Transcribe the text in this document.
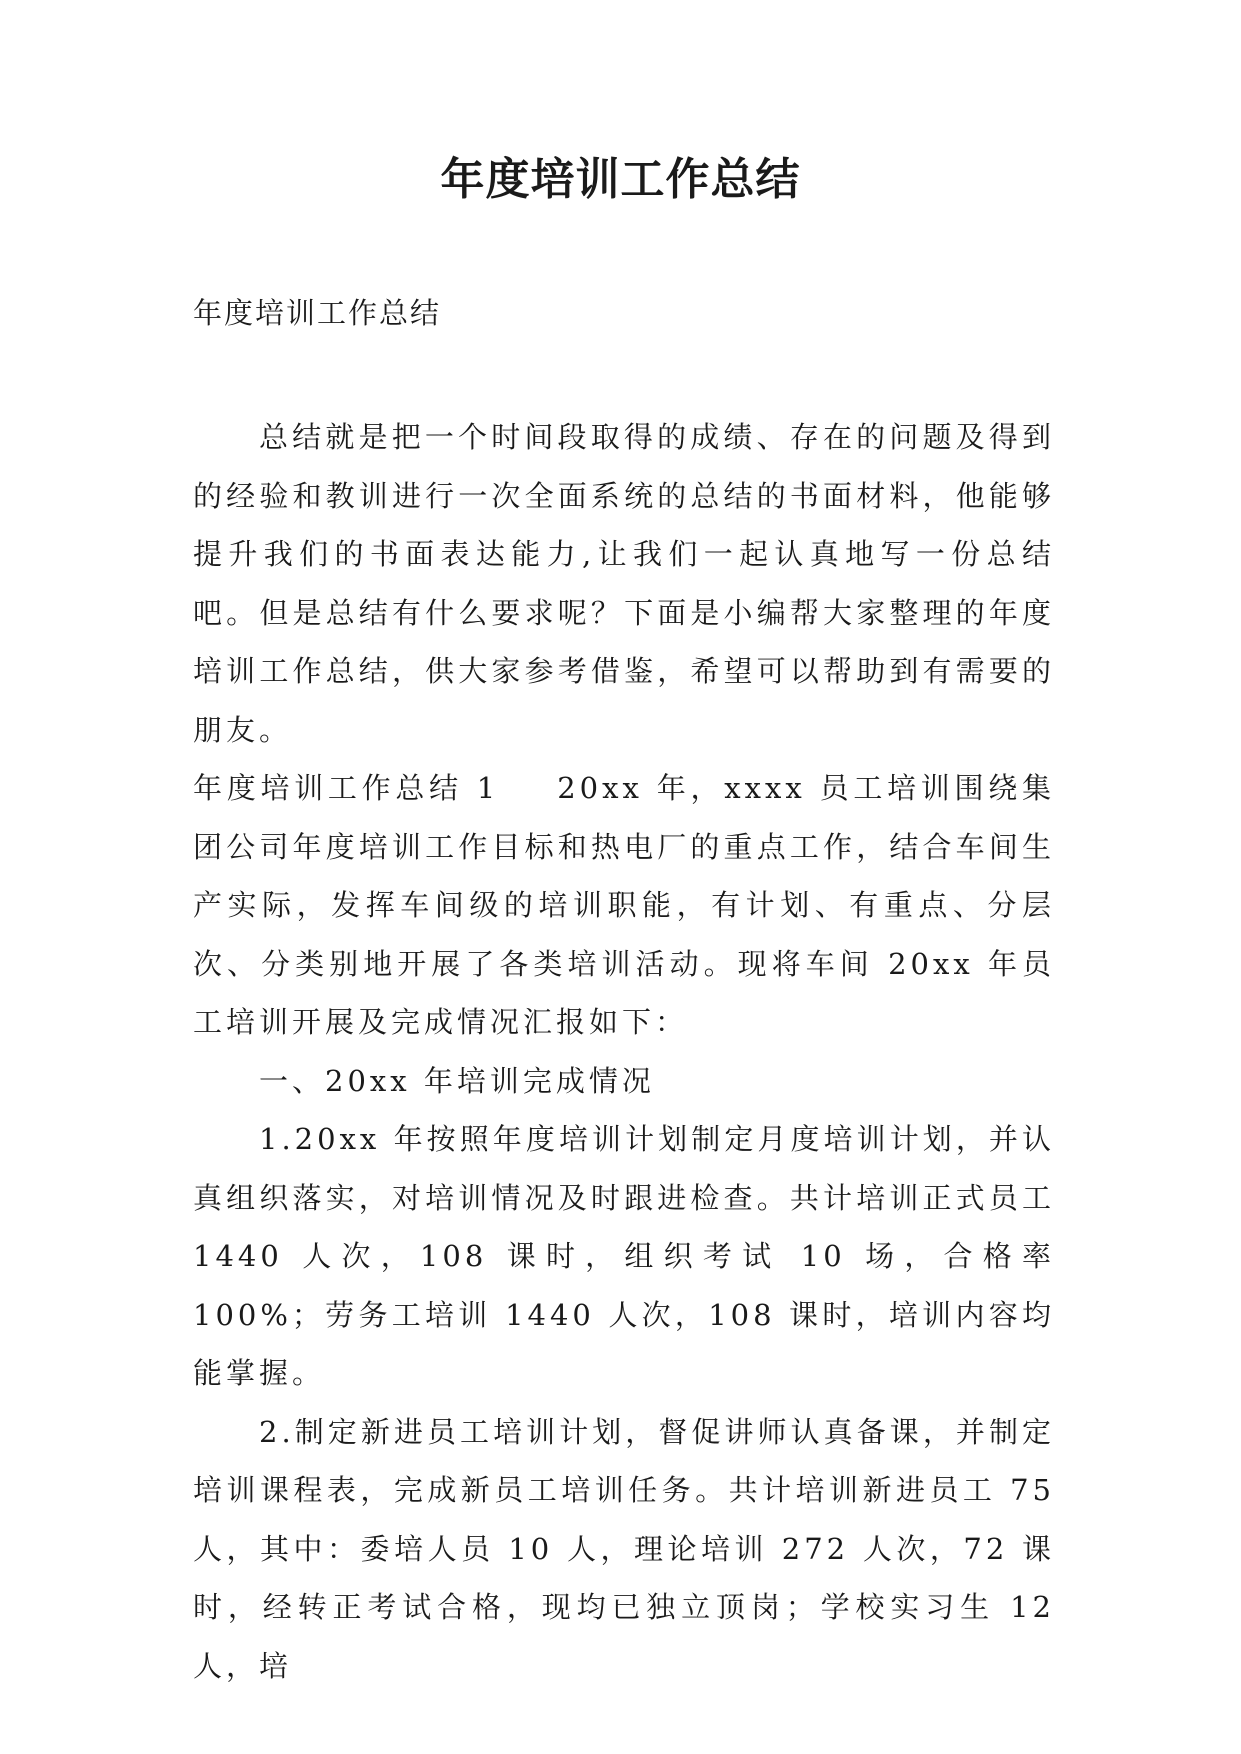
年度培训工作总结

年度培训工作总结

总结就是把一个时间段取得的成绩、存在的问题及得到的经验和教训进行一次全面系统的总结的书面材料，他能够提升我们的书面表达能力,让我们一起认真地写一份总结吧。但是总结有什么要求呢？下面是小编帮大家整理的年度培训工作总结，供大家参考借鉴，希望可以帮助到有需要的朋友。

年度培训工作总结 1 20xx 年，xxxx 员工培训围绕集团公司年度培训工作目标和热电厂的重点工作，结合车间生产实际，发挥车间级的培训职能，有计划、有重点、分层次、分类别地开展了各类培训活动。现将车间 20xx 年员工培训开展及完成情况汇报如下：

一、20xx 年培训完成情况

1.20xx 年按照年度培训计划制定月度培训计划，并认真组织落实，对培训情况及时跟进检查。共计培训正式员工 1440 人次，108 课时，组织考试 10 场，合格率 100%；劳务工培训 1440 人次，108 课时，培训内容均能掌握。

2.制定新进员工培训计划，督促讲师认真备课，并制定培训课程表，完成新员工培训任务。共计培训新进员工 75 人，其中：委培人员 10 人，理论培训 272 人次，72 课时，经转正考试合格，现均已独立顶岗；学校实习生 12 人，培
